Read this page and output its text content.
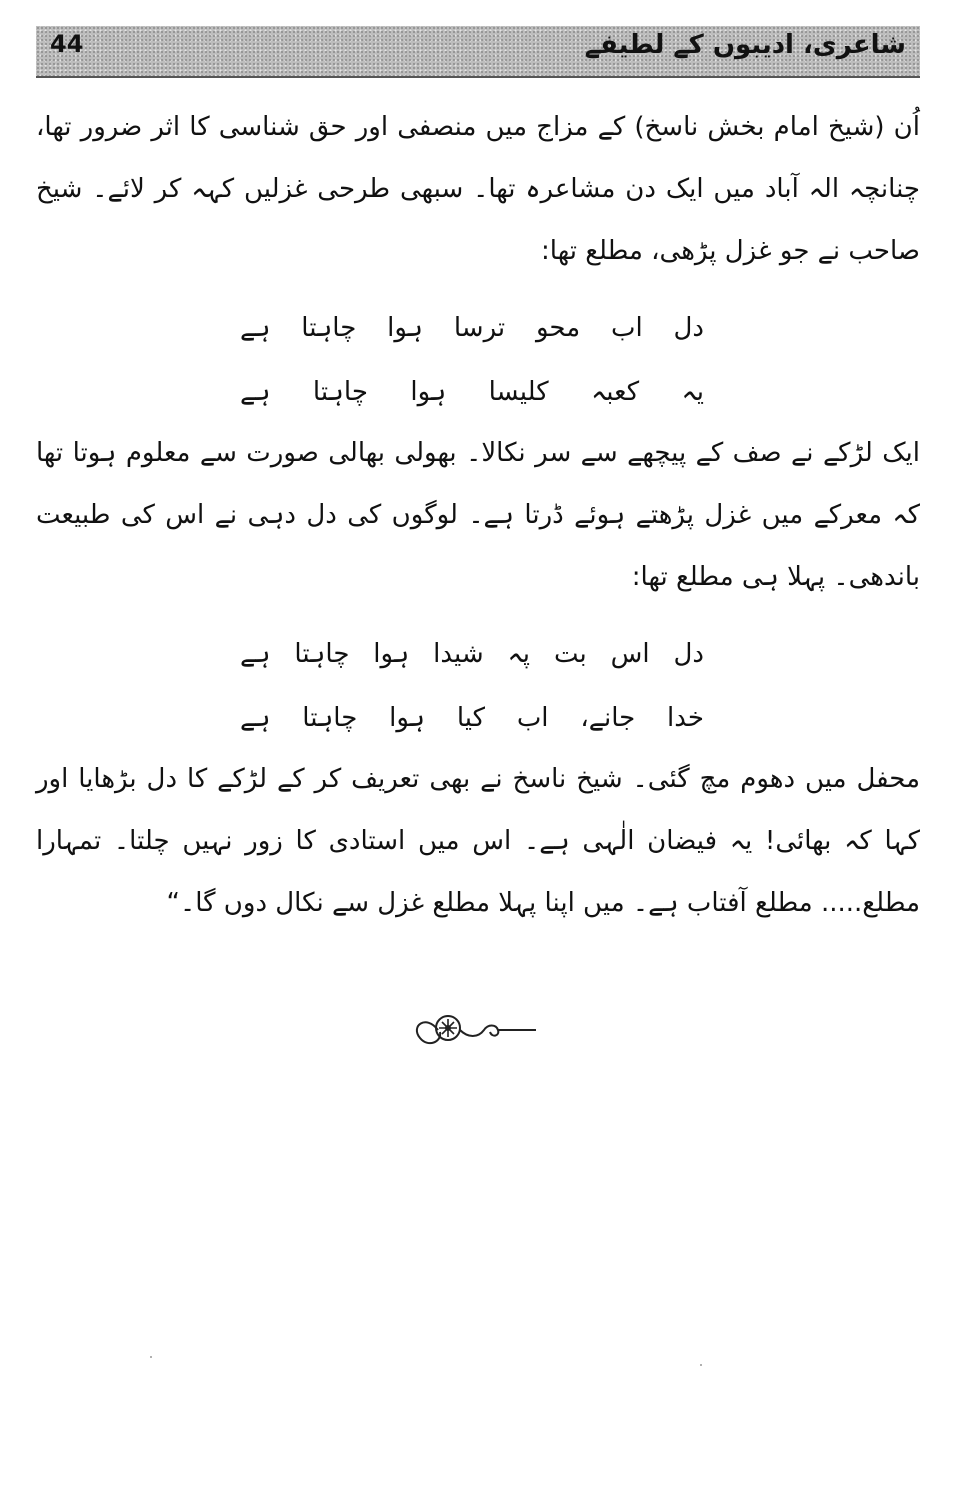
44	شاعری، ادیبوں کے لطیفے

اُن (شیخ امام بخش ناسخ) کے مزاج میں منصفی اور حق شناسی کا اثر ضرور تھا، چنانچہ الہ آباد میں ایک دن مشاعرہ تھا۔ سبھی طرحی غزلیں کہہ کر لائے۔ شیخ صاحب نے جو غزل پڑھی، مطلع تھا:

دل اب محو ترسا ہوا چاہتا ہے
یہ کعبہ کلیسا ہوا چاہتا ہے

ایک لڑکے نے صف کے پیچھے سے سر نکالا۔ بھولی بھالی صورت سے معلوم ہوتا تھا کہ معرکے میں غزل پڑھتے ہوئے ڈرتا ہے۔ لوگوں کی دل دہی نے اس کی طبیعت باندھی۔ پہلا ہی مطلع تھا:

دل اس بت پہ شیدا ہوا چاہتا ہے
خدا جانے، اب کیا ہوا چاہتا ہے

محفل میں دھوم مچ گئی۔ شیخ ناسخ نے بھی تعریف کر کے لڑکے کا دل بڑھایا اور کہا کہ بھائی! یہ فیضان الٰہی ہے۔ اس میں استادی کا زور نہیں چلتا۔ تمہارا مطلع..... مطلع آفتاب ہے۔ میں اپنا پہلا مطلع غزل سے نکال دوں گا۔“
